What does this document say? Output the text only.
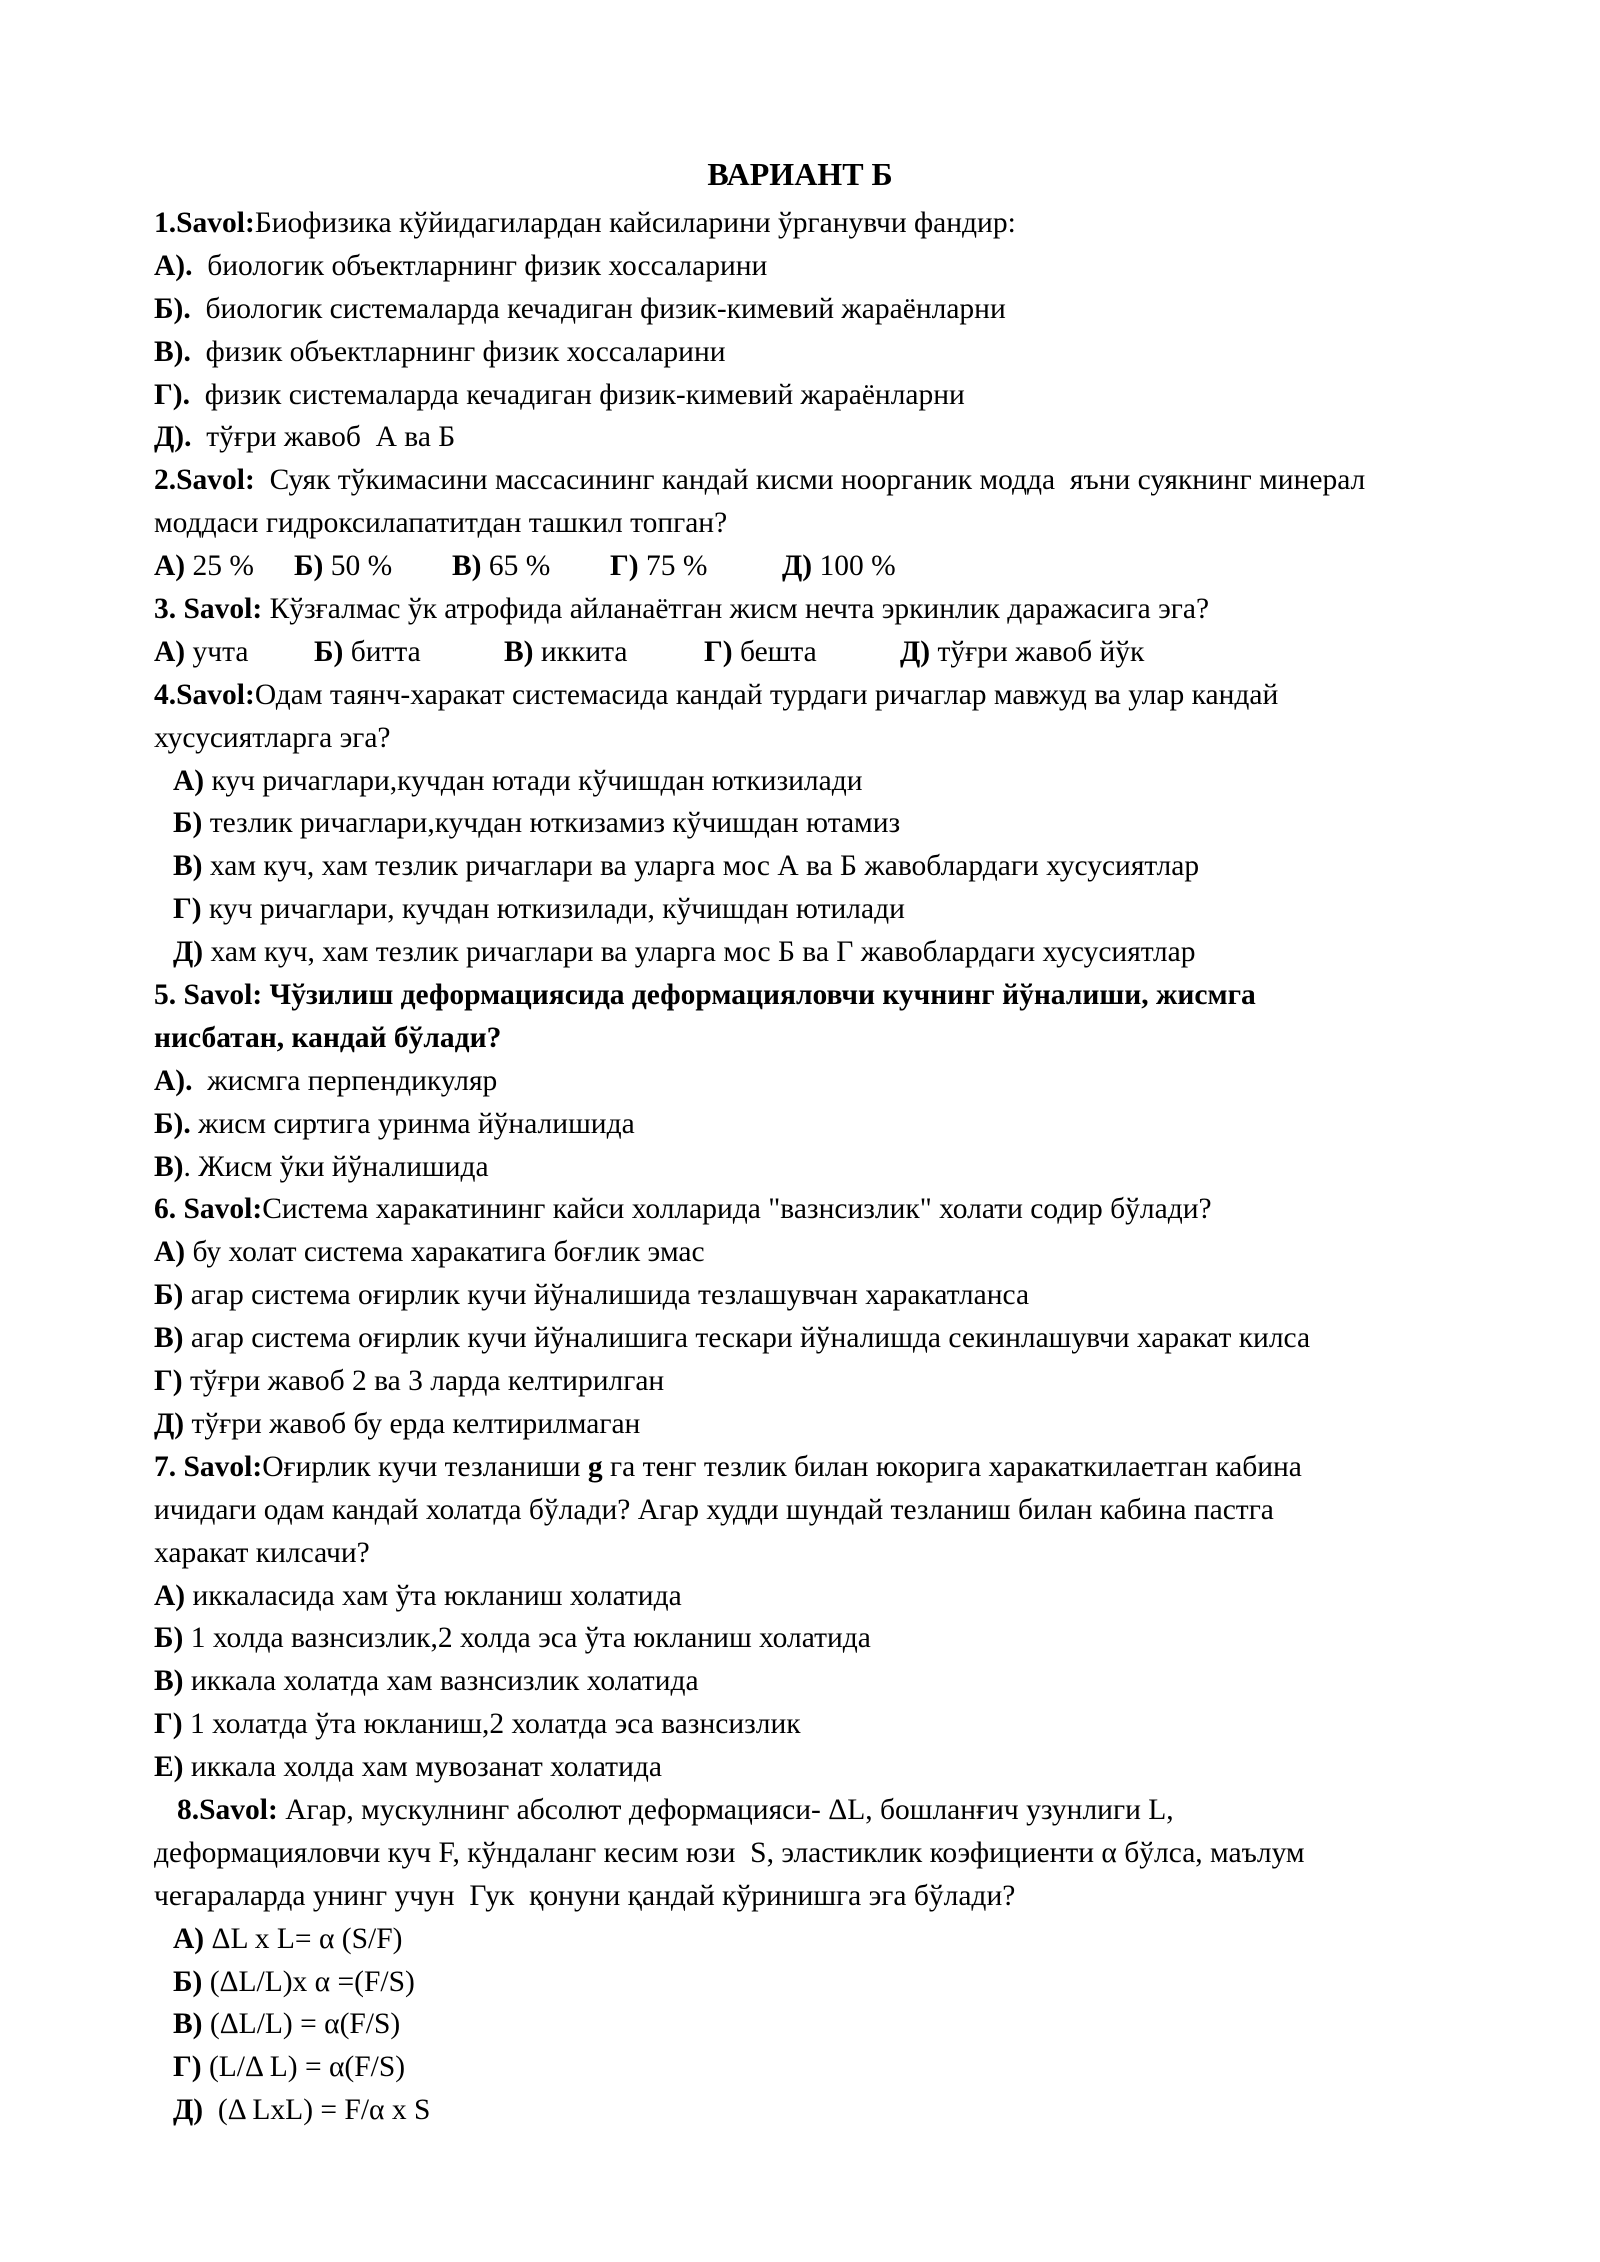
ВАРИАНТ Б
1.Savol:Биофизика кўйидагилардан кайсиларини ўрганувчи фандир:
А).  биологик объектларнинг физик хоссаларини
Б).  биологик системаларда кечадиган физик-кимевий жараёнларни
В).  физик объектларнинг физик хоссаларини
Г).  физик системаларда кечадиган физик-кимевий жараёнларни
Д).  тўғри жавоб  А ва Б
2.Savol:  Суяк тўкимасини массасининг кандай кисми ноорганик модда  яъни суякнинг минерал
моддаси гидроксилапатитдан ташкил топган?
А) 25 % Б) 50 % В) 65 % Г) 75 %	Д) 100 %
3. Savol: Кўзғалмас ўк атрофида айланаётган жисм нечта эркинлик даражасига эга?
А) учта Б) битта	В) иккита	Г) бешта	Д) тўғри жавоб йўк
4.Savol:Одам таянч-харакат системасида кандай турдаги ричаглар мавжуд ва улар кандай
хусусиятларга эга?
А) куч ричаглари,кучдан ютади кўчишдан юткизилади
Б) тезлик ричаглари,кучдан юткизамиз кўчишдан ютамиз
В) хам куч, хам тезлик ричаглари ва уларга мос А ва Б жавоблардаги хусусиятлар
Г) куч ричаглари, кучдан юткизилади, кўчишдан ютилади
Д) хам куч, хам тезлик ричаглари ва уларга мос Б ва Г жавоблардаги хусусиятлар
5. Savol: Чўзилиш деформациясида деформацияловчи кучнинг йўналиши, жисмга
нисбатан, кандай бўлади?
А).  жисмга перпендикуляр
Б). жисм сиртига уринма йўналишида
В). Жисм ўки йўналишида
6. Savol:Система харакатининг кайси холларида "вазнсизлик" холати содир бўлади?
А) бу холат система харакатига боғлик эмас
Б) агар система оғирлик кучи йўналишида тезлашувчан харакатланса
В) агар система оғирлик кучи йўналишига тескари йўналишда секинлашувчи харакат килса
Г) тўғри жавоб 2 ва 3 ларда келтирилган
Д) тўғри жавоб бу ерда келтирилмаган
7. Savol:Оғирлик кучи тезланиши g га тенг тезлик билан юкорига харакаткилаетган кабина
ичидаги одам кандай холатда бўлади? Агар худди шундай тезланиш билан кабина пастга
харакат килсачи?
А) иккаласида хам ўта юкланиш холатида
Б) 1 холда вазнсизлик,2 холда эса ўта юкланиш холатида
В) иккала холатда хам вазнсизлик холатида
Г) 1 холатда ўта юкланиш,2 холатда эса вазнсизлик
Е) иккала холда хам мувозанат холатида
8.Savol: Агар, мускулнинг абсолют деформацияси- ΔL, бошланғич узунлиги L,
деформацияловчи куч F, кўндаланг кесим юзи  S, эластиклик коэфициенти α бўлса, маълум
чегараларда унинг учун  Гук  қонуни қандай кўринишга эга бўлади?
А) ΔL x L= α (S/F)
Б) (ΔL/L)x α =(F/S)
В) (ΔL/L) = α(F/S)
Г) (L/Δ L) = α(F/S)
Д)  (Δ LxL) = F/α x S
